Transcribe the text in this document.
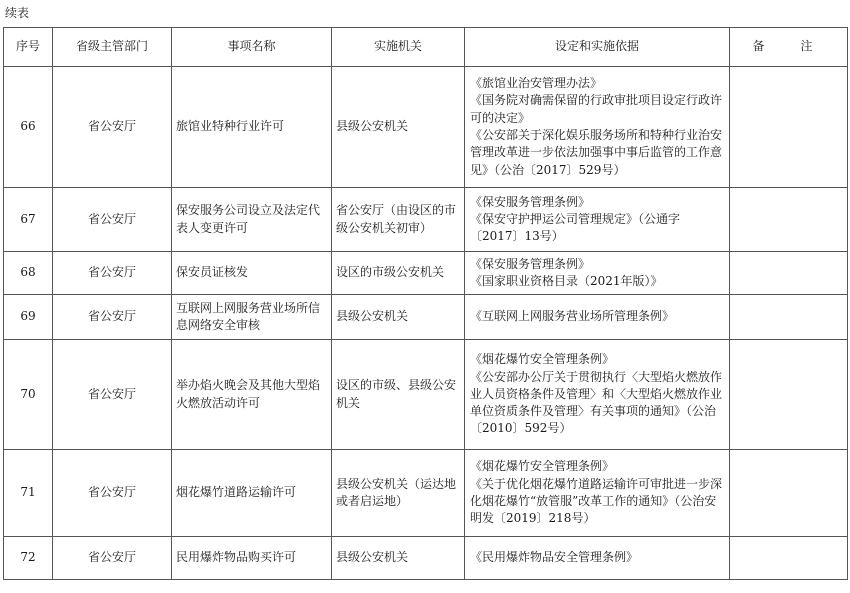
续表
序号	省级主管部门	事项名称	实施机关	设定和实施依据	备　注
66	省公安厅	旅馆业特种行业许可	县级公安机关	《旅馆业治安管理办法》
《国务院对确需保留的行政审批项目设定行政许可的决定》
《公安部关于深化娱乐服务场所和特种行业治安管理改革进一步依法加强事中事后监管的工作意见》（公治〔2017〕529号）	

67	省公安厅	保安服务公司设立及法定代表人变更许可	省公安厅（由设区的市级公安机关初审）	《保安服务管理条例》
《保安守护押运公司管理规定》（公通字〔2017〕13号）	

68	省公安厅	保安员证核发	设区的市级公安机关	《保安服务管理条例》
《国家职业资格目录（2021年版）》	

69	省公安厅	互联网上网服务营业场所信息网络安全审核	县级公安机关	《互联网上网服务营业场所管理条例》	

70	省公安厅	举办焰火晚会及其他大型焰火燃放活动许可	设区的市级、县级公安机关	《烟花爆竹安全管理条例》
《公安部办公厅关于贯彻执行〈大型焰火燃放作业人员资格条件及管理〉和〈大型焰火燃放作业单位资质条件及管理〉有关事项的通知》（公治〔2010〕592号）	

71	省公安厅	烟花爆竹道路运输许可	县级公安机关（运达地或者启运地）	《烟花爆竹安全管理条例》
《关于优化烟花爆竹道路运输许可审批进一步深化烟花爆竹“放管服”改革工作的通知》（公治安明发〔2019〕218号）	

72	省公安厅	民用爆炸物品购买许可	县级公安机关	《民用爆炸物品安全管理条例》	
